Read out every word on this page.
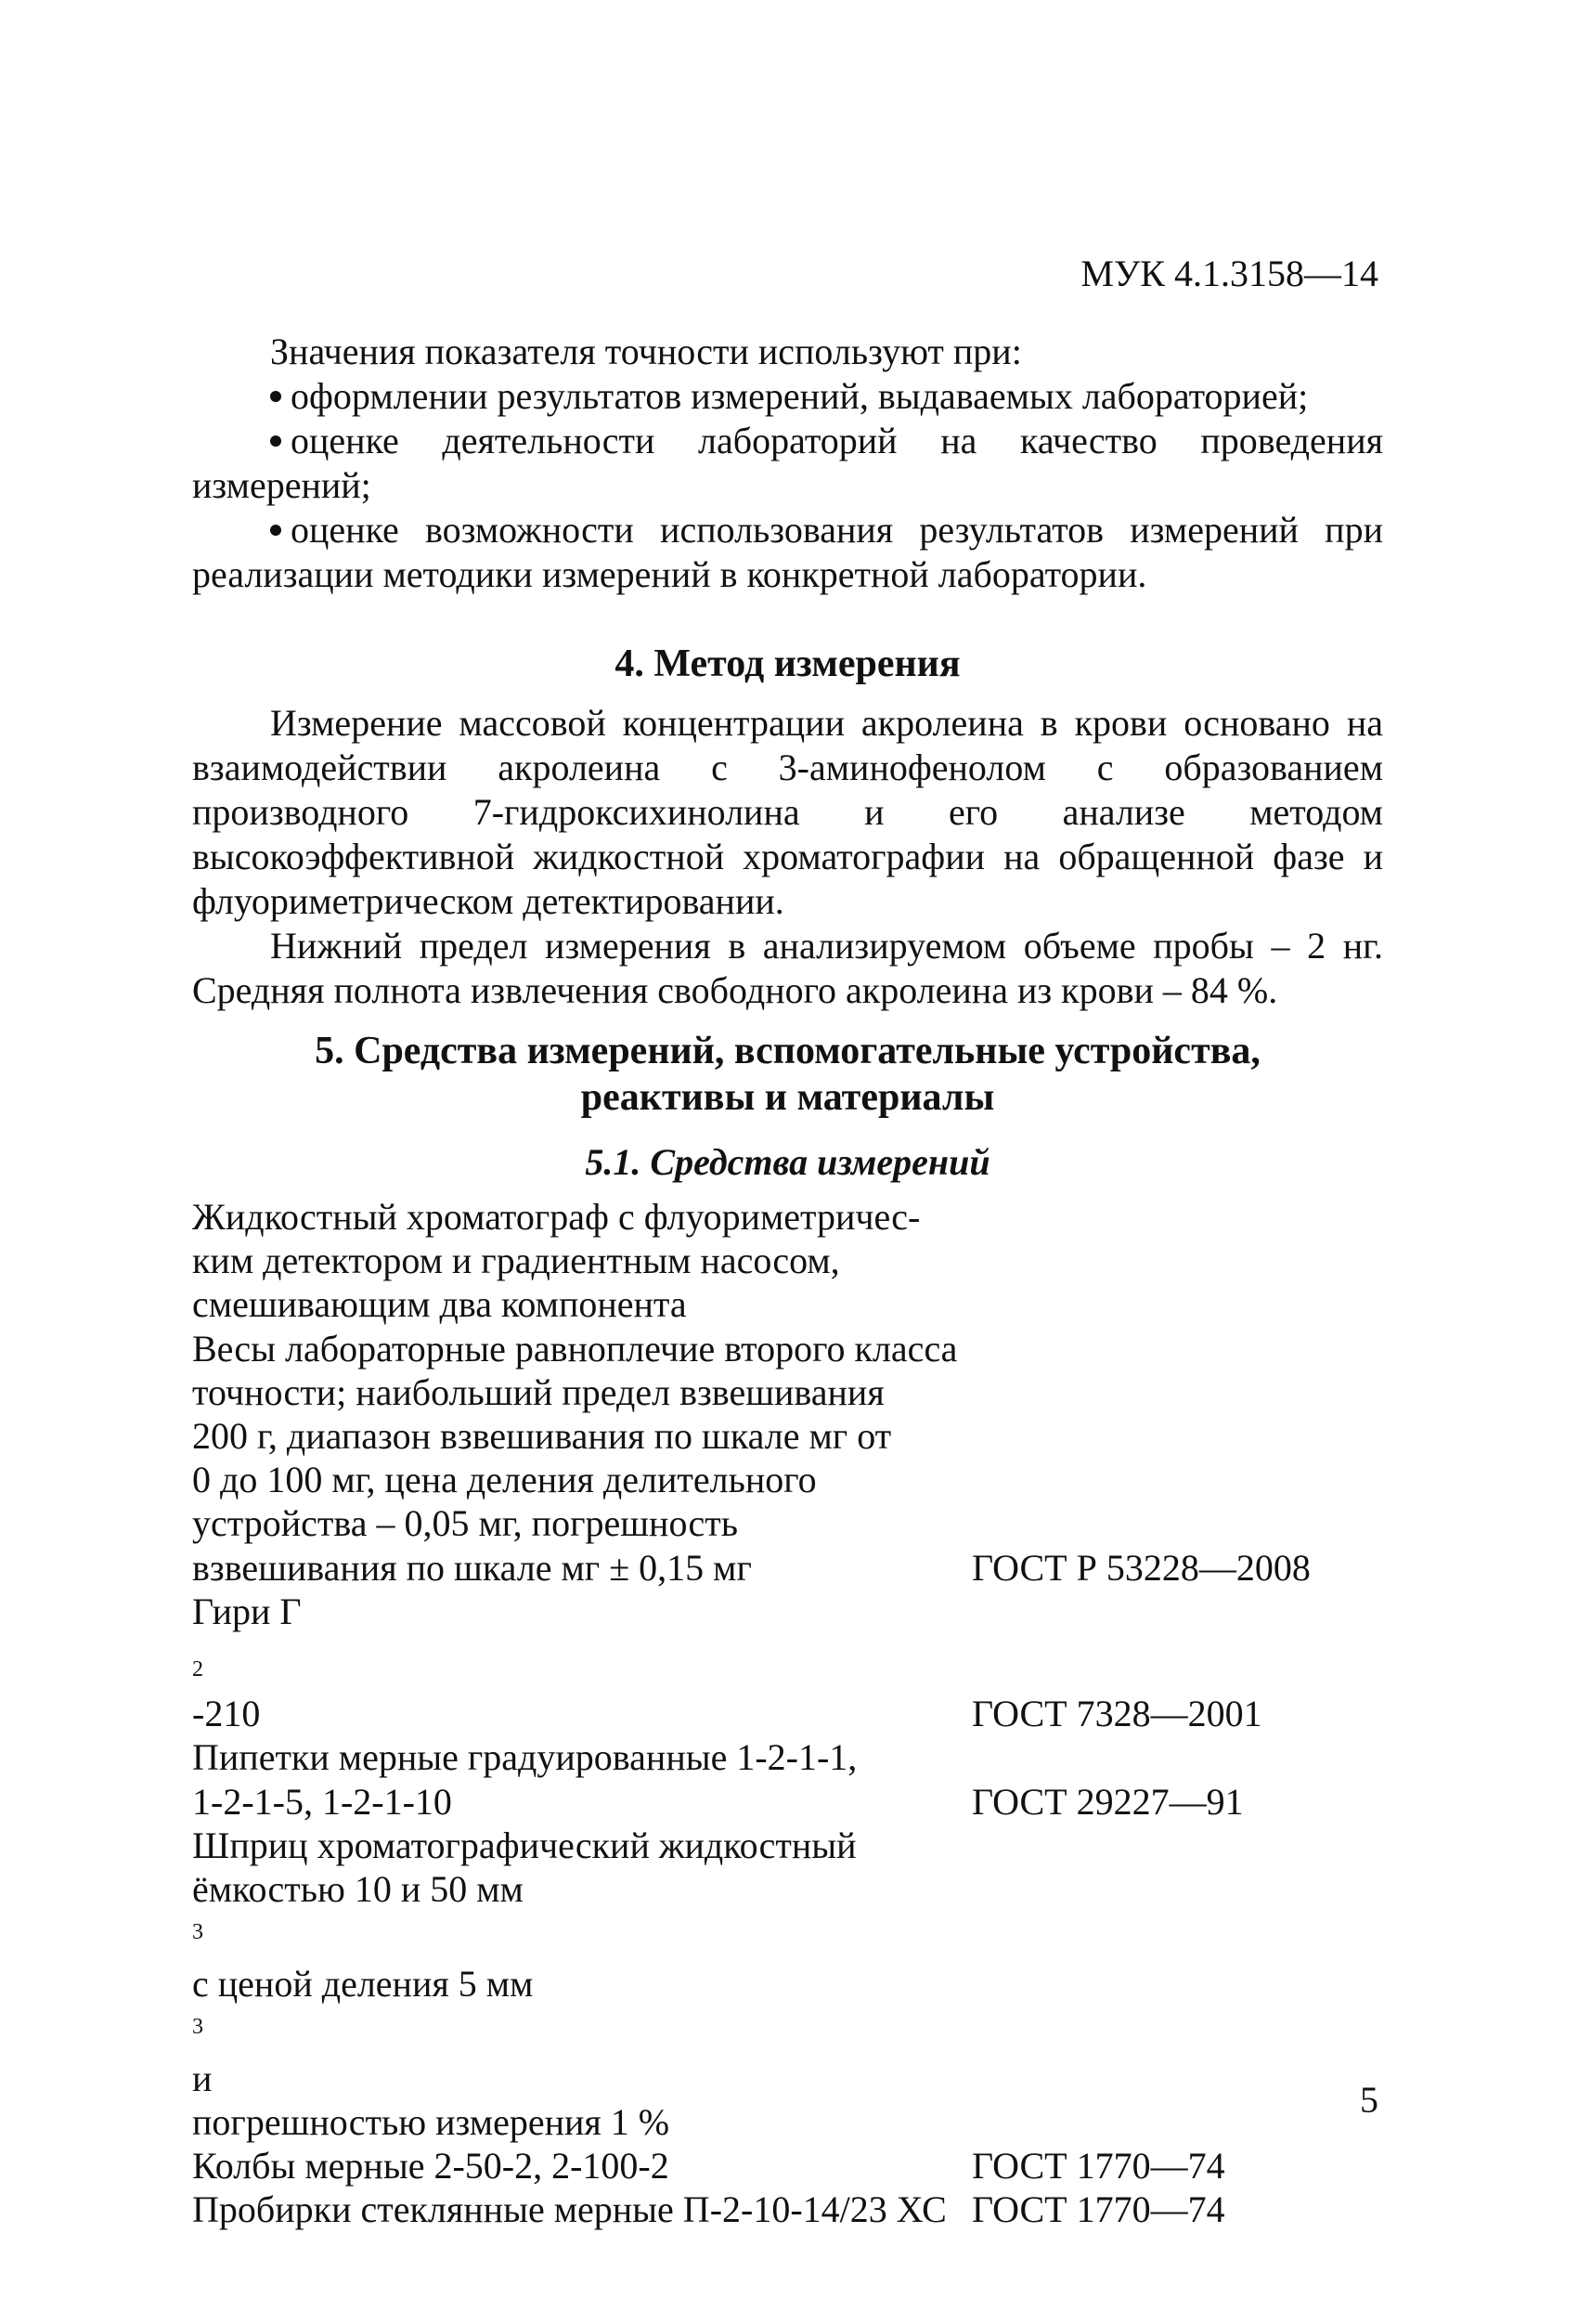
МУК 4.1.3158—14

Значения показателя точности используют при:

оформлении результатов измерений, выдаваемых лабораторией;

оценке деятельности лабораторий на качество проведения измерений;

оценке возможности использования результатов измерений при реализации методики измерений в конкретной лаборатории.

4. Метод измерения

Измерение массовой концентрации акролеина в крови основано на взаимодействии акролеина с 3-аминофенолом с образованием производного 7-гидроксихинолина и его анализе методом высокоэффективной жидкостной хроматографии на обращенной фазе и флуориметрическом детектировании.

Нижний предел измерения в анализируемом объеме пробы – 2 нг. Средняя полнота извлечения свободного акролеина из крови – 84 %.

5. Средства измерений, вспомогательные устройства,
реактивы и материалы
5.1. Средства измерений
Жидкостный хроматограф с флуориметричес-
ким детектором и градиентным насосом,
смешивающим два компонента
Весы лабораторные равноплечие второго класса
точности; наибольший предел взвешивания
200 г, диапазон взвешивания по шкале мг от
0 до 100 мг, цена деления делительного
устройства – 0,05 мг, погрешность
взвешивания по шкале мг ± 0,15 мг	ГОСТ Р 53228—2008
Гири Г
$_2$
-210	ГОСТ 7328—2001
Пипетки мерные градуированные 1-2-1-1,
1-2-1-5, 1-2-1-10	ГОСТ 29227—91
Шприц хроматографический жидкостный
ёмкостью 10 и 50 мм
$^3$
с ценой деления 5 мм
$^3$
и
погрешностью измерения 1 %
Колбы мерные 2-50-2, 2-100-2	ГОСТ 1770—74
Пробирки стеклянные мерные П-2-10-14/23 ХС ГОСТ 1770—74
5
